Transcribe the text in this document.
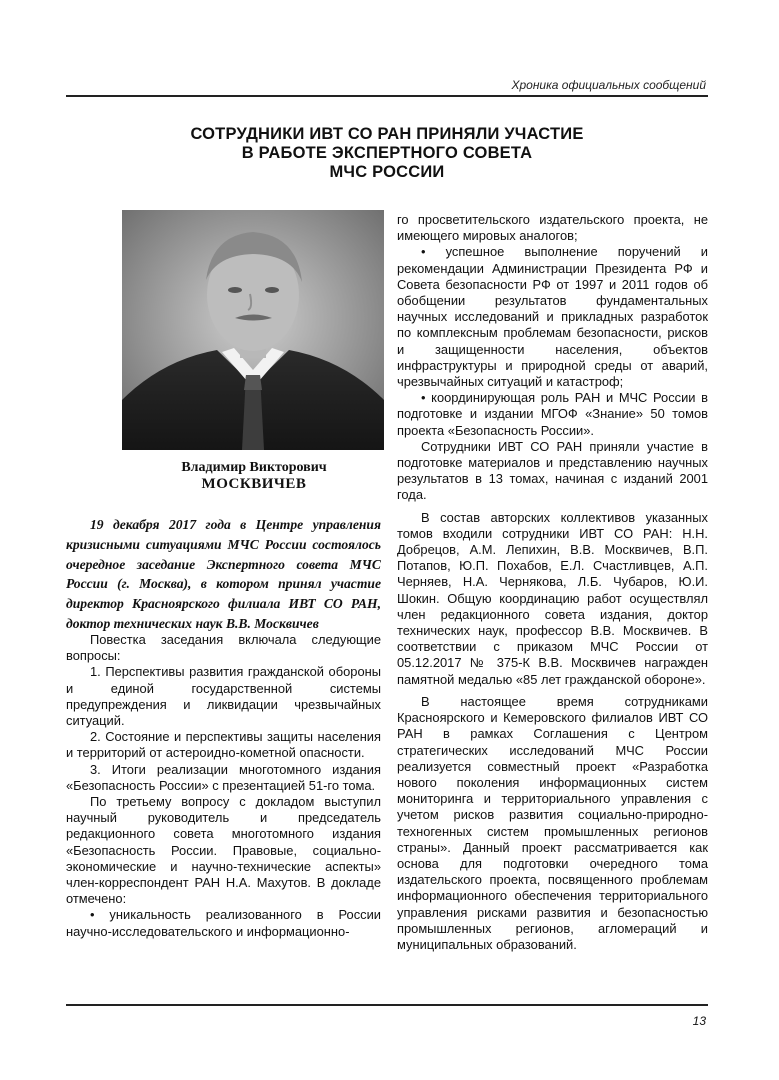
Хроника официальных сообщений
СОТРУДНИКИ ИВТ СО РАН ПРИНЯЛИ УЧАСТИЕ
В РАБОТЕ ЭКСПЕРТНОГО СОВЕТА
МЧС РОССИИ
Владимир Викторович
МОСКВИЧЕВ
19 декабря 2017 года в Центре управления кризисными ситуациями МЧС России состоялось очередное заседание Экспертного совета МЧС России (г. Москва), в котором принял участие директор Красноярского филиала ИВТ СО РАН, доктор технических наук В.В. Москвичев

Повестка заседания включала следующие вопросы:

1. Перспективы развития гражданской обороны и единой государственной системы предупреждения и ликвидации чрезвычайных ситуаций.

2. Состояние и перспективы защиты населения и территорий от астероидно-кометной опасности.

3. Итоги реализации многотомного издания «Безопасность России» с презентацией 51-го тома.

По третьему вопросу с докладом выступил научный руководитель и председатель редакционного совета многотомного издания «Безопасность России. Правовые, социально-экономические и научно-технические аспекты» член-корреспондент РАН Н.А. Махутов. В докладе отмечено:

• уникальность реализованного в России научно-исследовательского и информационно-

го просветительского издательского проекта, не имеющего мировых аналогов;

• успешное выполнение поручений и рекомендации Администрации Президента РФ и Совета безопасности РФ от 1997 и 2011 годов об обобщении результатов фундаментальных научных исследований и прикладных разработок по комплексным проблемам безопасности, рисков и защищенности населения, объектов инфраструктуры и природной среды от аварий, чрезвычайных ситуаций и катастроф;

• координирующая роль РАН и МЧС России в подготовке и издании МГОФ «Знание» 50 томов проекта «Безопасность России».

Сотрудники ИВТ СО РАН приняли участие в подготовке материалов и представлению научных результатов в 13 томах, начиная с изданий 2001 года.

В состав авторских коллективов указанных томов входили сотрудники ИВТ СО РАН: Н.Н. Добрецов, А.М. Лепихин, В.В. Москвичев, В.П. Потапов, Ю.П. Похабов, Е.Л. Счастливцев, А.П. Черняев, Н.А. Чернякова, Л.Б. Чубаров, Ю.И. Шокин. Общую координацию работ осуществлял член редакционного совета издания, доктор технических наук, профессор В.В. Москвичев. В соответствии с приказом МЧС России от 05.12.2017 № 375-К В.В. Москвичев награжден памятной медалью «85 лет гражданской обороне».

В настоящее время сотрудниками Красноярского и Кемеровского филиалов ИВТ СО РАН в рамках Соглашения с Центром стратегических исследований МЧС России реализуется совместный проект «Разработка нового поколения информационных систем мониторинга и территориального управления с учетом рисков развития социально-природно-техногенных систем промышленных регионов страны». Данный проект рассматривается как основа для подготовки очередного тома издательского проекта, посвященного проблемам информационного обеспечения территориального управления рисками развития и безопасностью промышленных регионов, агломераций и муниципальных образований.

13
